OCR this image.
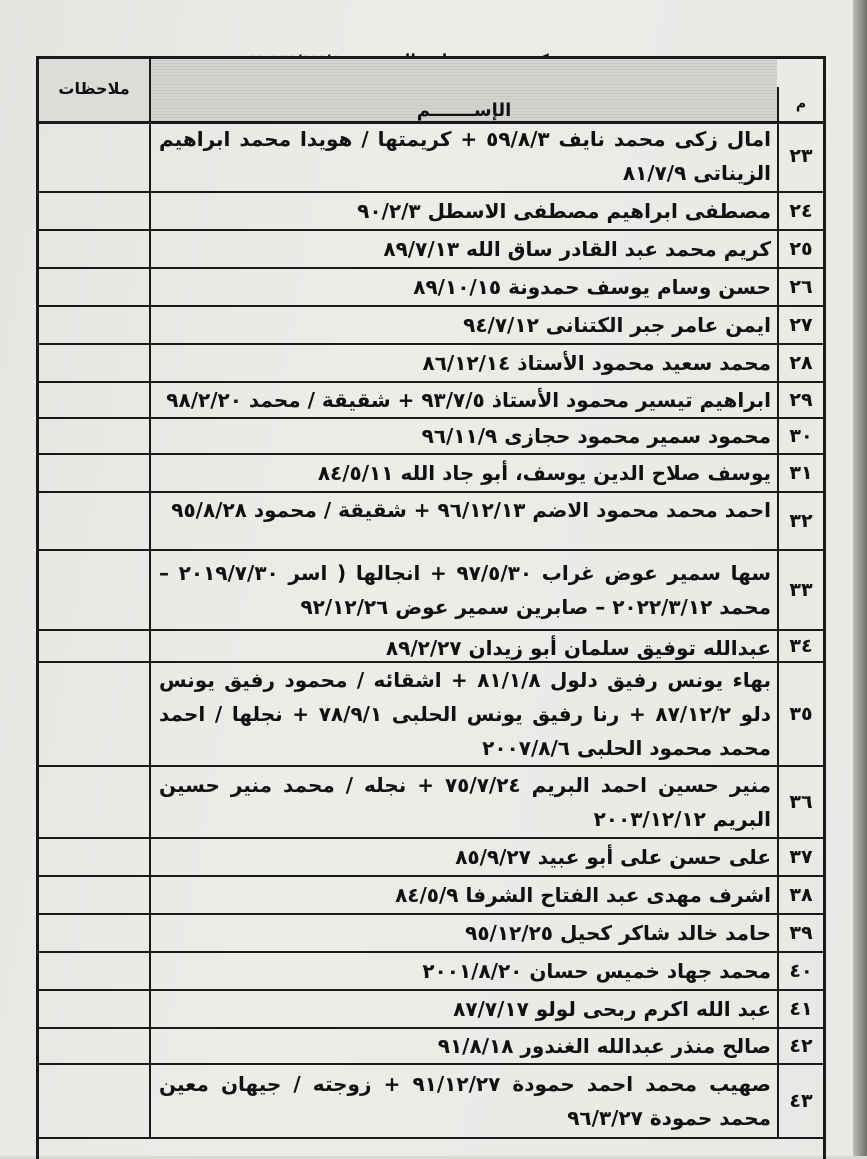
ملاحظات
الإســـــــم	م
امال زكى محمد نايف ٥٩/٨/٣ + كريمتها / هويدا محمد ابراهيم الزيناتى ٨١/٧/٩
٢٣
مصطفى ابراهيم مصطفى الاسطل ٩٠/٢/٣ ٢٤
كريم محمد عبد القادر ساق الله ٨٩/٧/١٣ ٢٥
حسن وسام يوسف حمدونة ٨٩/١٠/١٥ ٢٦
ايمن عامر جبر الكتنانى ٩٤/٧/١٢ ٢٧
محمد سعيد محمود الأستاذ ٨٦/١٢/١٤ ٢٨
ابراهيم تيسير محمود الأستاذ ٩٣/٧/٥ + شقيقة / محمد ٩٨/٢/٢٠ ٢٩
محمود سمير محمود حجازى ٩٦/١١/٩ ٣٠
يوسف صلاح الدين يوسف، أبو جاد الله ٨٤/٥/١١ ٣١
احمد محمد محمود الاضم ٩٦/١٢/١٣ + شقيقة / محمود ٩٥/٨/٢٨ ٣٢
سها سمير عوض غراب ٩٧/٥/٣٠ + انجالها ( اسر ٢٠١٩/٧/٣٠ – محمد ٢٠٢٢/٣/١٢ – صابرين سمير عوض ٩٢/١٢/٢٦
٣٣
عبدالله توفيق سلمان أبو زيدان ٨٩/٢/٢٧ ٣٤
بهاء يونس رفيق دلول ٨١/١/٨ + اشقائه / محمود رفيق يونس دلو ٨٧/١٢/٢ + رنا رفيق يونس الحلبى ٧٨/٩/١ + نجلها / احمد محمد محمود الحلبى ٢٠٠٧/٨/٦
٣٥
منير حسين احمد البريم ٧٥/٧/٢٤ + نجله / محمد منير حسين البريم ٢٠٠٣/١٢/١٢
٣٦
على حسن على أبو عبيد ٨٥/٩/٢٧ ٣٧
اشرف مهدى عبد الفتاح الشرفا ٨٤/٥/٩ ٣٨
حامد خالد شاكر كحيل ٩٥/١٢/٢٥ ٣٩
محمد جهاد خميس حسان ٢٠٠١/٨/٢٠ ٤٠
عبد الله اكرم ربحى لولو ٨٧/٧/١٧ ٤١
صالح منذر عبدالله الغندور ٩١/٨/١٨ ٤٢
صهيب محمد احمد حمودة ٩١/١٢/٢٧ + زوجته / جيهان معين محمد حمودة ٩٦/٣/٢٧
٤٣
